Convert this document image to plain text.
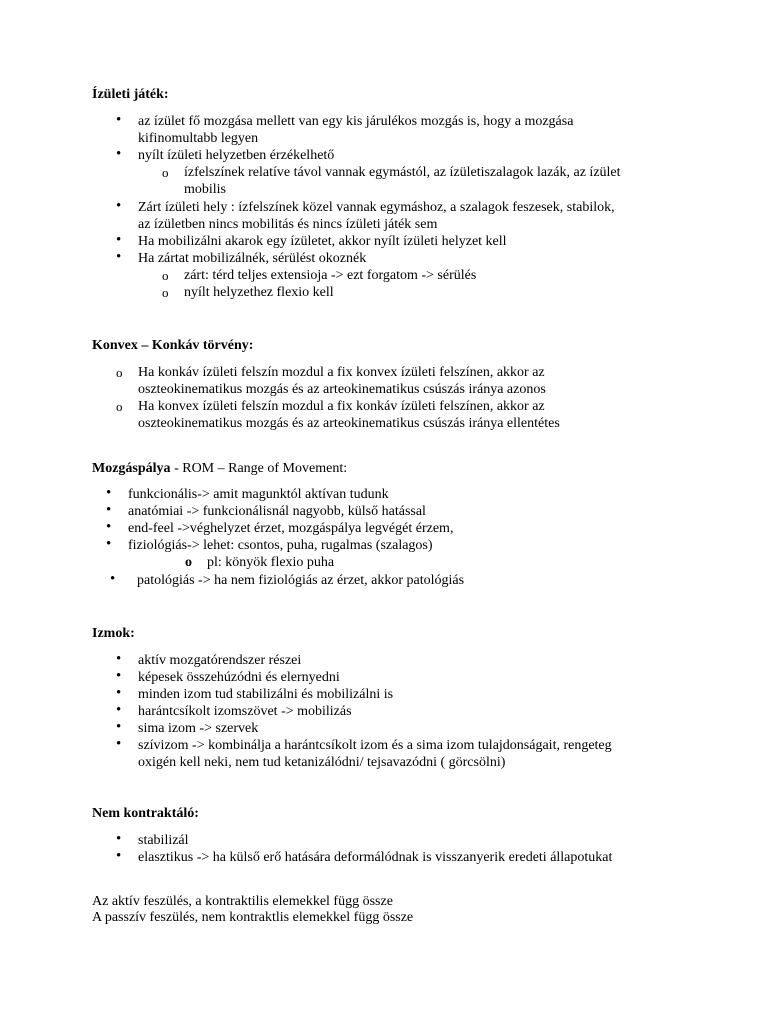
Ízületi játék:
• az ízület fő mozgása mellett van egy kis járulékos mozgás is, hogy a mozgása
kifinomultabb legyen
• nyílt ízületi helyzetben érzékelhető
o ízfelszínek relatíve távol vannak egymástól, az ízületiszalagok lazák, az ízület
mobilis
• Zárt ízületi hely : ízfelszínek közel vannak egymáshoz, a szalagok feszesek, stabilok,
az ízületben nincs mobilitás és nincs ízületi játék sem
• Ha mobilizálni akarok egy ízületet, akkor nyílt ízületi helyzet kell
• Ha zártat mobilizálnék, sérülést okoznék
o zárt: térd teljes extensioja -> ezt forgatom -> sérülés
o nyílt helyzethez flexio kell
Konvex – Konkáv törvény:
o Ha konkáv ízületi felszín mozdul a fix konvex ízületi felszínen, akkor az
oszteokinematikus mozgás és az arteokinematikus csúszás iránya azonos
o Ha konvex ízületi felszín mozdul a fix konkáv ízületi felszínen, akkor az
oszteokinematikus mozgás és az arteokinematikus csúszás iránya ellentétes
Mozgáspálya - ROM – Range of Movement:
• funkcionális-> amit magunktól aktívan tudunk
• anatómiai -> funkcionálisnál nagyobb, külső hatással
• end-feel ->véghelyzet érzet, mozgáspálya legvégét érzem,
• fiziológiás-> lehet: csontos, puha, rugalmas (szalagos)
o pl: könyök flexio puha
• patológiás -> ha nem fiziológiás az érzet, akkor patológiás
Izmok:
• aktív mozgatórendszer részei
• képesek összehúzódni és elernyedni
• minden izom tud stabilizálni és mobilizálni is
• harántcsíkolt izomszövet -> mobilizás
• sima izom -> szervek
• szívizom -> kombinálja a harántcsíkolt izom és a sima izom tulajdonságait, rengeteg
oxigén kell neki, nem tud ketanizálódni/ tejsavazódni ( görcsölni)
Nem kontraktáló:
• stabilizál
• elasztikus -> ha külső erő hatására deformálódnak is visszanyerik eredeti állapotukat
Az aktív feszülés, a kontraktilis elemekkel függ össze
A passzív feszülés, nem kontraktlis elemekkel függ össze
